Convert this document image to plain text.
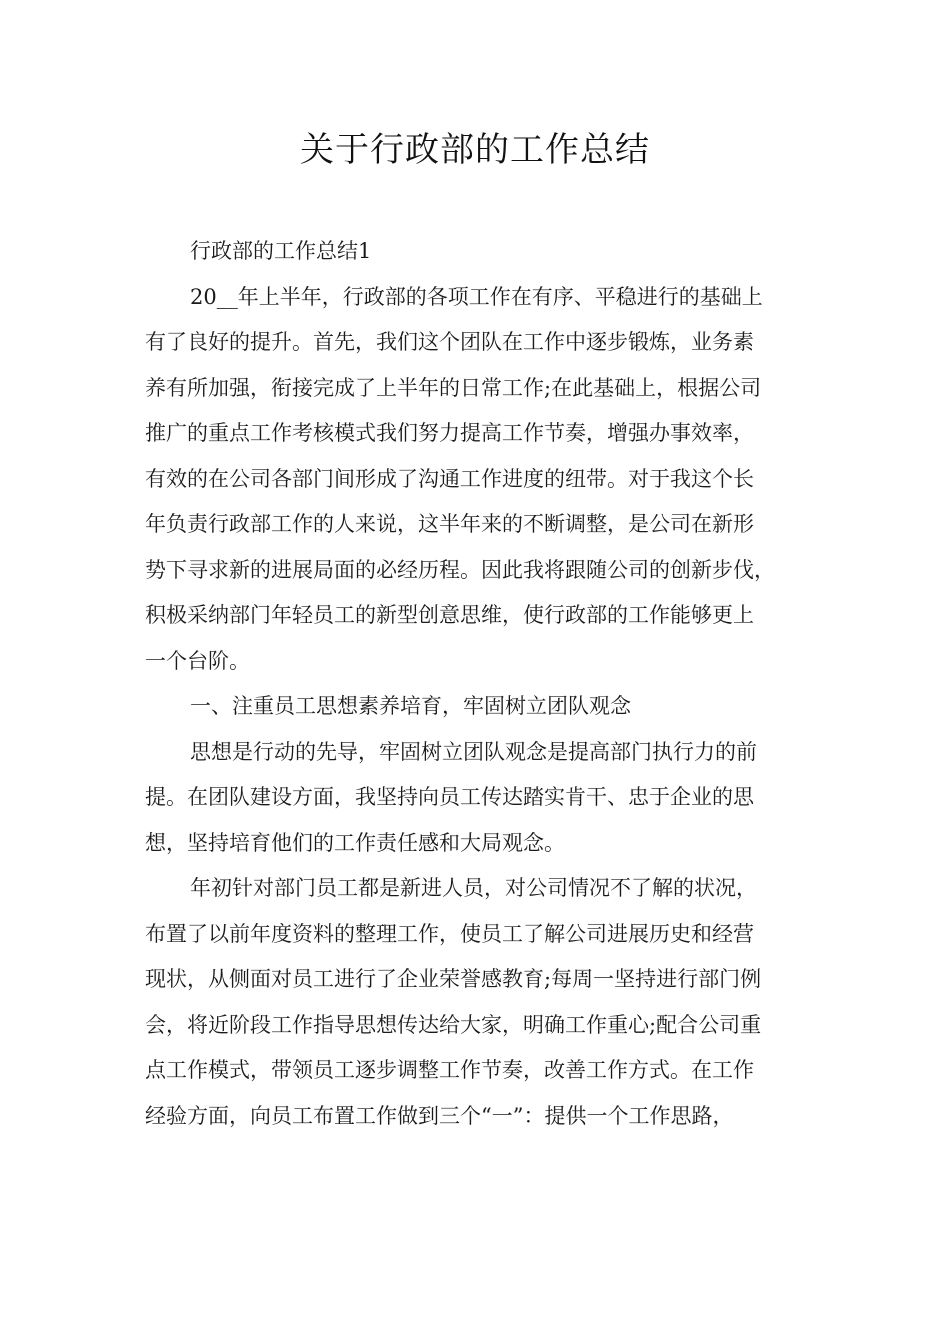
关于行政部的工作总结
行政部的工作总结1
20__年上半年，行政部的各项工作在有序、平稳进行的基础上
有了良好的提升。首先，我们这个团队在工作中逐步锻炼，业务素
养有所加强，衔接完成了上半年的日常工作;在此基础上，根据公司
推广的重点工作考核模式我们努力提高工作节奏，增强办事效率，
有效的在公司各部门间形成了沟通工作进度的纽带。对于我这个长
年负责行政部工作的人来说，这半年来的不断调整，是公司在新形
势下寻求新的进展局面的必经历程。因此我将跟随公司的创新步伐，
积极采纳部门年轻员工的新型创意思维，使行政部的工作能够更上
一个台阶。
一、注重员工思想素养培育，牢固树立团队观念
思想是行动的先导，牢固树立团队观念是提高部门执行力的前
提。在团队建设方面，我坚持向员工传达踏实肯干、忠于企业的思
想，坚持培育他们的工作责任感和大局观念。
年初针对部门员工都是新进人员，对公司情况不了解的状况，
布置了以前年度资料的整理工作，使员工了解公司进展历史和经营
现状，从侧面对员工进行了企业荣誉感教育;每周一坚持进行部门例
会，将近阶段工作指导思想传达给大家，明确工作重心;配合公司重
点工作模式，带领员工逐步调整工作节奏，改善工作方式。在工作
经验方面，向员工布置工作做到三个“一”：提供一个工作思路，
